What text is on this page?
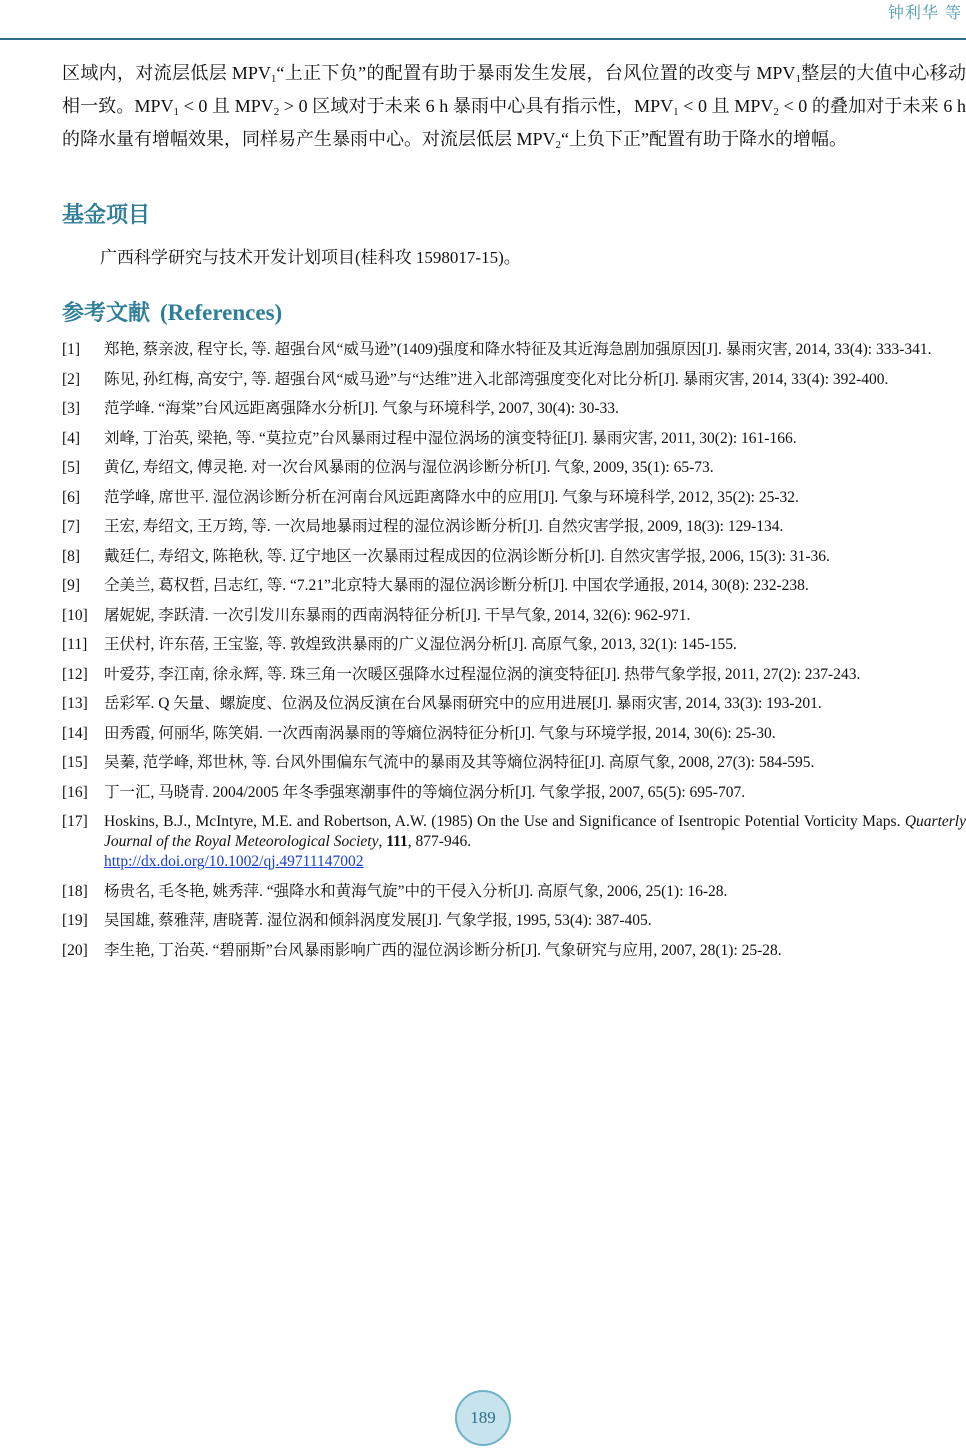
钟利华 等

区域内，对流层低层 $MPV_1“$上正下负”的配置有助于暴雨发生发展，台风位置的改变与 $MPV_1$整层的大值中心移动相一致。$MPV_1 < 0$ 且 $MPV_2 > 0$ 区域对于未来 6 h 暴雨中心具有指示性，$MPV_1 < 0$ 且 $MPV_2 < 0$ 的叠加对于未来 6 h 的降水量有增幅效果，同样易产生暴雨中心。对流层低层 $MPV_2“$上负下正”配置有助于降水的增幅。

基金项目
广西科学研究与技术开发计划项目(桂科攻 1598017-15)。
参考文献 (References)
[1]	郑艳, 蔡亲波, 程守长, 等. 超强台风“威马逊”(1409)强度和降水特征及其近海急剧加强原因[J]. 暴雨灾害, 2014, 33(4): 333-341.
[2]	陈见, 孙红梅, 高安宁, 等. 超强台风“威马逊”与“达维”进入北部湾强度变化对比分析[J]. 暴雨灾害, 2014, 33(4): 392-400.
[3]	范学峰. “海棠”台风远距离强降水分析[J]. 气象与环境科学, 2007, 30(4): 30-33.
[4]	刘峰, 丁治英, 梁艳, 等. “莫拉克”台风暴雨过程中湿位涡场的演变特征[J]. 暴雨灾害, 2011, 30(2): 161-166.
[5]	黄亿, 寿绍文, 傅灵艳. 对一次台风暴雨的位涡与湿位涡诊断分析[J]. 气象, 2009, 35(1): 65-73.
[6]	范学峰, 席世平. 湿位涡诊断分析在河南台风远距离降水中的应用[J]. 气象与环境科学, 2012, 35(2): 25-32.
[7]	王宏, 寿绍文, 王万筠, 等. 一次局地暴雨过程的湿位涡诊断分析[J]. 自然灾害学报, 2009, 18(3): 129-134.
[8]	戴廷仁, 寿绍文, 陈艳秋, 等. 辽宁地区一次暴雨过程成因的位涡诊断分析[J]. 自然灾害学报, 2006, 15(3): 31-36.
[9]	仝美兰, 葛权哲, 吕志红, 等. “7.21”北京特大暴雨的湿位涡诊断分析[J]. 中国农学通报, 2014, 30(8): 232-238.
[10]	屠妮妮, 李跃清. 一次引发川东暴雨的西南涡特征分析[J]. 干旱气象, 2014, 32(6): 962-971.
[11]	王伏村, 许东蓓, 王宝鉴, 等. 敦煌致洪暴雨的广义湿位涡分析[J]. 高原气象, 2013, 32(1): 145-155.
[12]	叶爱芬, 李江南, 徐永辉, 等. 珠三角一次暖区强降水过程湿位涡的演变特征[J]. 热带气象学报, 2011, 27(2): 237-243.
[13]	岳彩军. Q 矢量、螺旋度、位涡及位涡反演在台风暴雨研究中的应用进展[J]. 暴雨灾害, 2014, 33(3): 193-201.
[14]	田秀霞, 何丽华, 陈笑娟. 一次西南涡暴雨的等熵位涡特征分析[J]. 气象与环境学报, 2014, 30(6): 25-30.
[15]	吴蓁, 范学峰, 郑世林, 等. 台风外围偏东气流中的暴雨及其等熵位涡特征[J]. 高原气象, 2008, 27(3): 584-595.
[16]	丁一汇, 马晓青. 2004/2005 年冬季强寒潮事件的等熵位涡分析[J]. 气象学报, 2007, 65(5): 695-707.
[17]	Hoskins, B.J., McIntyre, M.E. and Robertson, A.W. (1985) On the Use and Significance of Isentropic Potential Vorticity Maps. Quarterly Journal of the Royal Meteorological Society, 111, 877-946.
http://dx.doi.org/10.1002/qj.49711147002
[18]	杨贵名, 毛冬艳, 姚秀萍. “强降水和黄海气旋”中的干侵入分析[J]. 高原气象, 2006, 25(1): 16-28.
[19]	吴国雄, 蔡雅萍, 唐晓菁. 湿位涡和倾斜涡度发展[J]. 气象学报, 1995, 53(4): 387-405.
[20]	李生艳, 丁治英. “碧丽斯”台风暴雨影响广西的湿位涡诊断分析[J]. 气象研究与应用, 2007, 28(1): 25-28.
189
